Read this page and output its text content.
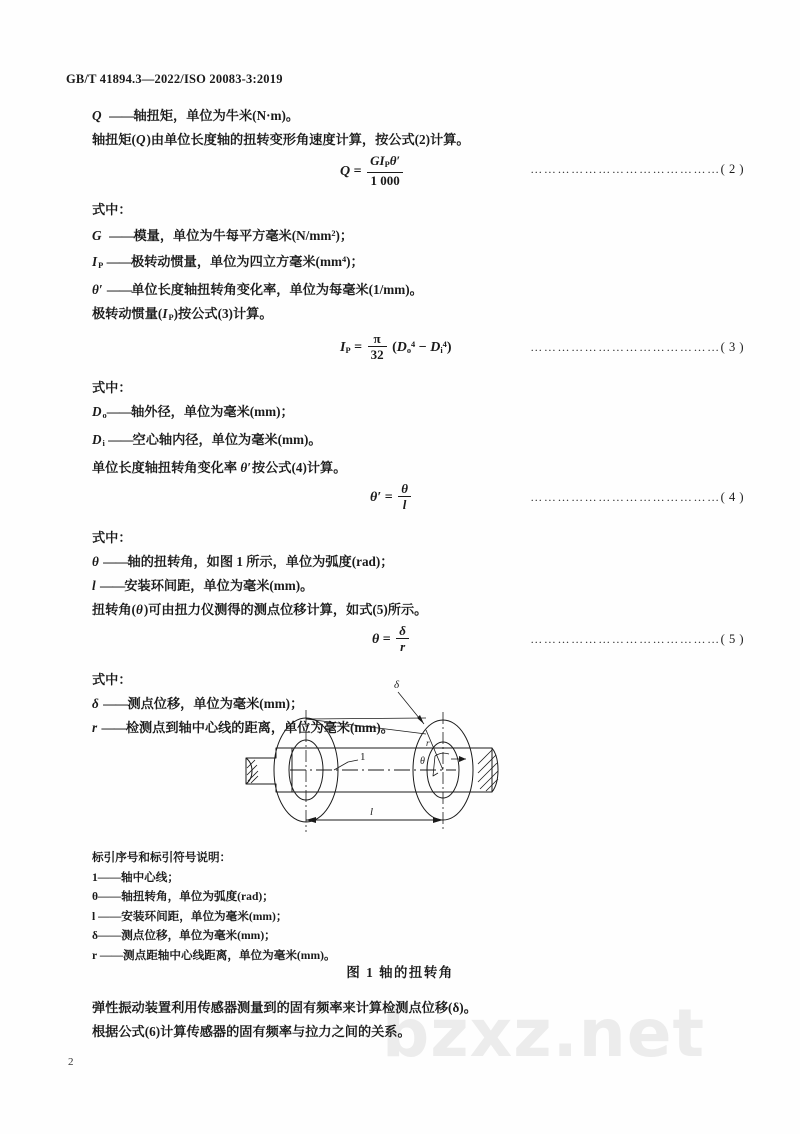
bzxz.net
GB/T 41894.3—2022/ISO 20083-3:2019
Q ——轴扭矩，单位为牛米(N·m)。
轴扭矩(Q)由单位长度轴的扭转变形角速度计算，按公式(2)计算。
$Q = \frac{GI_P\theta'}{1 000}$	……………………………………( 2 )
式中：
G ——模量，单位为牛每平方毫米$(N/mm^2)$；
$I_P$ ——极转动惯量，单位为四立方毫米$(mm^4)$；
θ′ ——单位长度轴扭转角变化率，单位为每毫米(1/mm)。
极转动惯量$(I_P)$按公式(3)计算。
$I_P = \frac{\pi}{32} (D_o^4 - D_i^4)$	……………………………………( 3 )
式中：
$D_o——$轴外径，单位为毫米(mm)；
$D_i$ ——空心轴内径，单位为毫米(mm)。
单位长度轴扭转角变化率 θ′按公式(4)计算。
$\theta' = \frac{\theta}{l}$	……………………………………( 4 )
式中：
θ ——轴的扭转角，如图 1 所示，单位为弧度(rad)；
l ——安装环间距，单位为毫米(mm)。
扭转角(θ)可由扭力仪测得的测点位移计算，如式(5)所示。
$\theta = \frac{\delta}{r}$	……………………………………( 5 )
式中：
δ ——测点位移，单位为毫米(mm)；
r ——检测点到轴中心线的距离，单位为毫米(mm)。
δ
θ
r
1
l
标引序号和标引符号说明：
1——轴中心线；
θ——轴扭转角，单位为弧度(rad)；
l ——安装环间距，单位为毫米(mm)；
δ——测点位移，单位为毫米(mm)；
r ——测点距轴中心线距离，单位为毫米(mm)。
图 1 轴的扭转角
弹性振动装置利用传感器测量到的固有频率来计算检测点位移(δ)。
根据公式(6)计算传感器的固有频率与拉力之间的关系。
2
